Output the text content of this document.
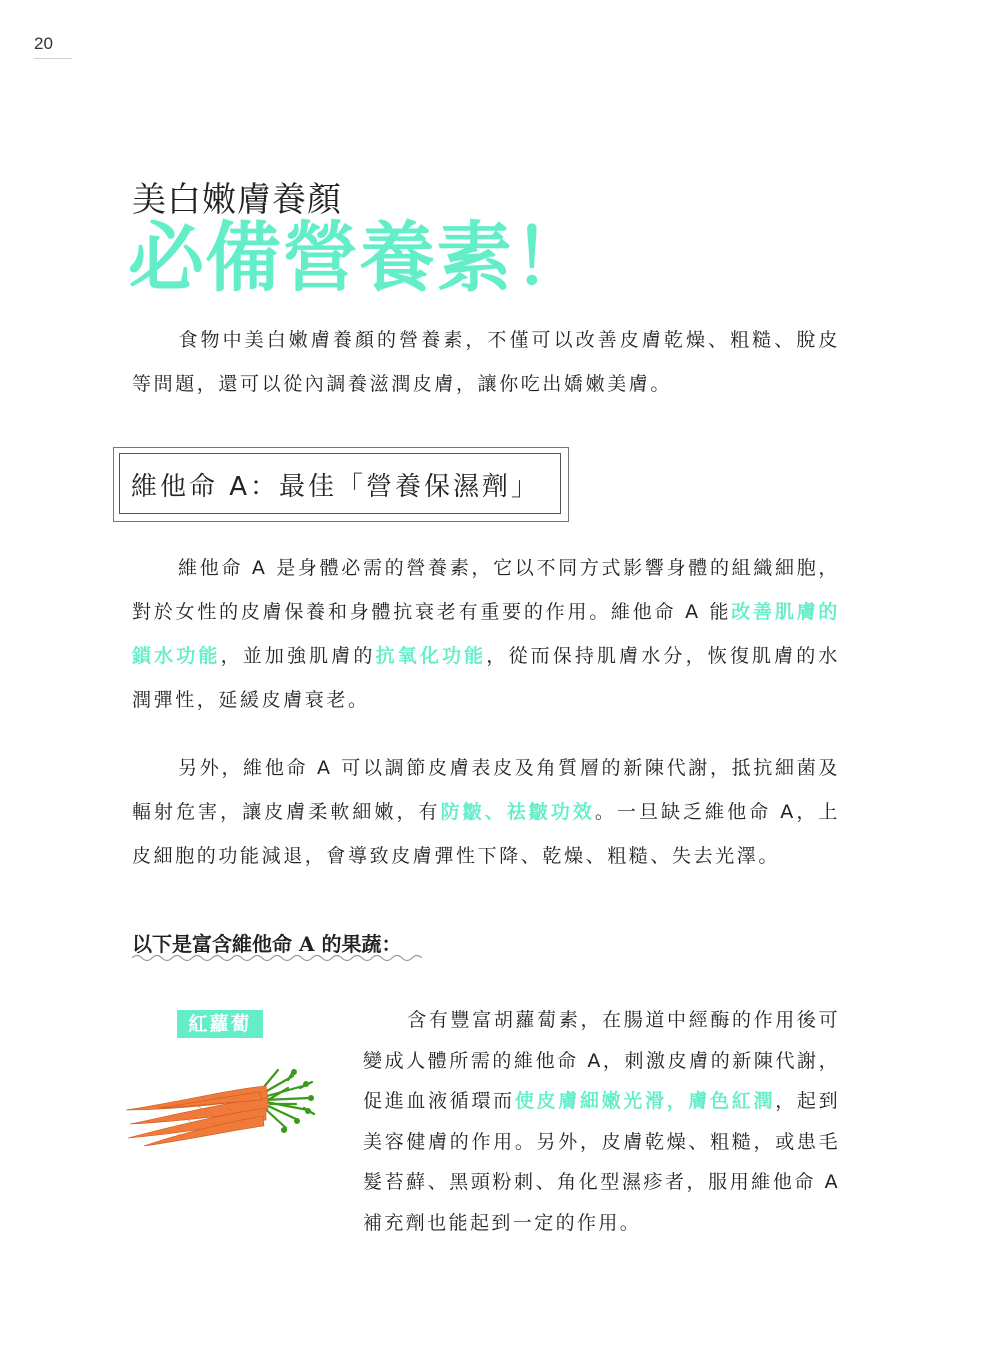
20
美白嫩膚養顏
必備營養素！

食物中美白嫩膚養顏的營養素，不僅可以改善皮膚乾燥、粗糙、脫皮等問題，還可以從內調養滋潤皮膚，讓你吃出嬌嫩美膚。

維他命 A：最佳「營養保濕劑」

維他命 A 是身體必需的營養素，它以不同方式影響身體的組織細胞，對於女性的皮膚保養和身體抗衰老有重要的作用。維他命 A 能改善肌膚的鎖水功能，並加強肌膚的抗氧化功能，從而保持肌膚水分，恢復肌膚的水潤彈性，延緩皮膚衰老。

另外，維他命 A 可以調節皮膚表皮及角質層的新陳代謝，抵抗細菌及輻射危害，讓皮膚柔軟細嫩，有防皺、祛皺功效。一旦缺乏維他命 A，上皮細胞的功能減退，會導致皮膚彈性下降、乾燥、粗糙、失去光澤。

以下是富含維他命 A 的果蔬：
紅蘿蔔	含有豐富胡蘿蔔素，在腸道中經酶的作用後可變成人體所需的維他命 A，刺激皮膚的新陳代謝，促進血液循環而使皮膚細嫩光滑，膚色紅潤，起到美容健膚的作用。另外，皮膚乾燥、粗糙，或患毛髮苔蘚、黑頭粉刺、角化型濕疹者，服用維他命 A 補充劑也能起到一定的作用。
